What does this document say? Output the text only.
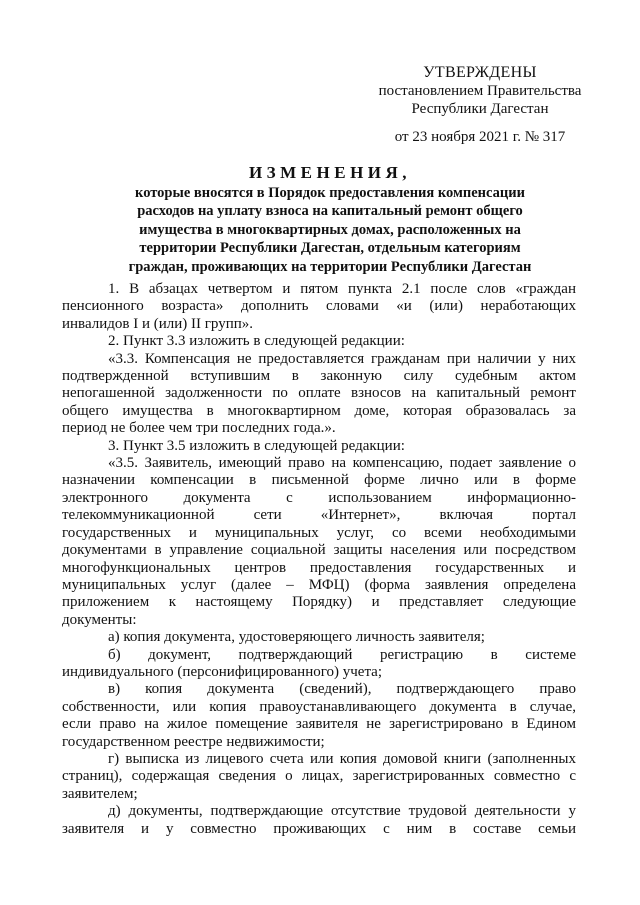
УТВЕРЖДЕНЫ
постановлением Правительства
Республики Дагестан
от 23 ноября 2021 г. № 317
ИЗМЕНЕНИЯ,
которые вносятся в Порядок предоставления компенсации
расходов на уплату взноса на капитальный ремонт общего
имущества в многоквартирных домах, расположенных на
территории Республики Дагестан, отдельным категориям
граждан, проживающих на территории Республики Дагестан
1. В абзацах четвертом и пятом пункта 2.1 после слов «граждан
пенсионного возраста» дополнить словами «и (или) неработающих
инвалидов I и (или) II групп».
2. Пункт 3.3 изложить в следующей редакции:
«3.3. Компенсация не предоставляется гражданам при наличии у них
подтвержденной вступившим в законную силу судебным актом
непогашенной задолженности по оплате взносов на капитальный ремонт
общего имущества в многоквартирном доме, которая образовалась за
период не более чем три последних года.».
3. Пункт 3.5 изложить в следующей редакции:
«3.5. Заявитель, имеющий право на компенсацию, подает заявление о
назначении компенсации в письменной форме лично или в форме
электронного документа с использованием информационно-
телекоммуникационной сети «Интернет», включая портал
государственных и муниципальных услуг, со всеми необходимыми
документами в управление социальной защиты населения или посредством
многофункциональных центров предоставления государственных и
муниципальных услуг (далее – МФЦ) (форма заявления определена
приложением к настоящему Порядку) и представляет следующие
документы:
а) копия документа, удостоверяющего личность заявителя;
б) документ, подтверждающий регистрацию в системе
индивидуального (персонифицированного) учета;
в) копия документа (сведений), подтверждающего право
собственности, или копия правоустанавливающего документа в случае,
если право на жилое помещение заявителя не зарегистрировано в Едином
государственном реестре недвижимости;
г) выписка из лицевого счета или копия домовой книги (заполненных
страниц), содержащая сведения о лицах, зарегистрированных совместно с
заявителем;
д) документы, подтверждающие отсутствие трудовой деятельности у
заявителя и у совместно проживающих с ним в составе семьи
